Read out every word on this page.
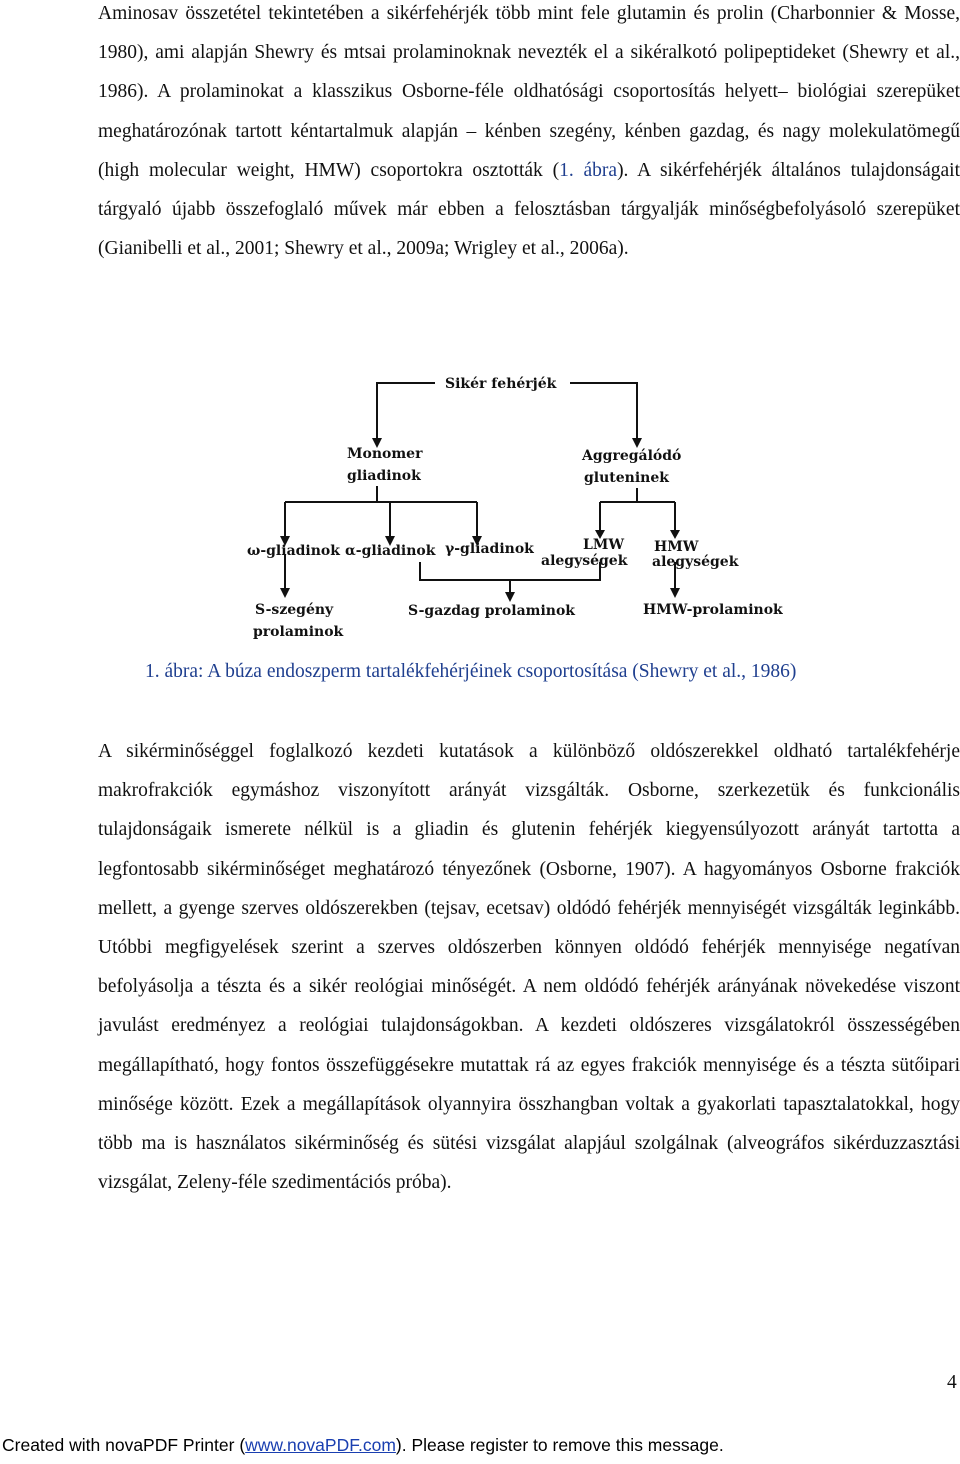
Aminosav összetétel tekintetében a sikérfehérjék több mint fele glutamin és prolin (Charbonnier & Mosse, 1980), ami alapján Shewry és mtsai prolaminoknak nevezték el a sikéralkotó polipeptideket (Shewry et al., 1986). A prolaminokat a klasszikus Osborne-féle oldhatósági csoportosítás helyett– biológiai szerepüket meghatározónak tartott kéntartalmuk alapján – kénben szegény, kénben gazdag, és nagy molekulatömegű (high molecular weight, HMW) csoportokra osztották (1. ábra). A sikérfehérjék általános tulajdonságait tárgyaló újabb összefoglaló művek már ebben a felosztásban tárgyalják minőségbefolyásoló szerepüket (Gianibelli et al., 2001; Shewry et al., 2009a; Wrigley et al., 2006a).

Sikér fehérjék
Monomer
gliadinok
Aggregálódó
gluteninek
ω-gliadinok α-gliadinok γ-gliadinok	LMW
alegységek
HMW
alegységek
S-szegény
prolaminok
S-gazdag prolaminok	HMW-prolaminok
1. ábra: A búza endoszperm tartalékfehérjéinek csoportosítása (Shewry et al., 1986)

A sikérminőséggel foglalkozó kezdeti kutatások a különböző oldószerekkel oldható tartalékfehérje makrofrakciók egymáshoz viszonyított arányát vizsgálták. Osborne, szerkezetük és funkcionális tulajdonságaik ismerete nélkül is a gliadin és glutenin fehérjék kiegyensúlyozott arányát tartotta a legfontosabb sikérminőséget meghatározó tényezőnek (Osborne, 1907). A hagyományos Osborne frakciók mellett, a gyenge szerves oldószerekben (tejsav, ecetsav) oldódó fehérjék mennyiségét vizsgálták leginkább. Utóbbi megfigyelések szerint a szerves oldószerben könnyen oldódó fehérjék mennyisége negatívan befolyásolja a tészta és a sikér reológiai minőségét. A nem oldódó fehérjék arányának növekedése viszont javulást eredményez a reológiai tulajdonságokban. A kezdeti oldószeres vizsgálatokról összességében megállapítható, hogy fontos összefüggésekre mutattak rá az egyes frakciók mennyisége és a tészta sütőipari minősége között. Ezek a megállapítások olyannyira összhangban voltak a gyakorlati tapasztalatokkal, hogy több ma is használatos sikérminőség és sütési vizsgálat alapjául szolgálnak (alveográfos sikérduzzasztási vizsgálat, Zeleny-féle szedimentációs próba).

4
Created with novaPDF Printer (www.novaPDF.com). Please register to remove this message.
